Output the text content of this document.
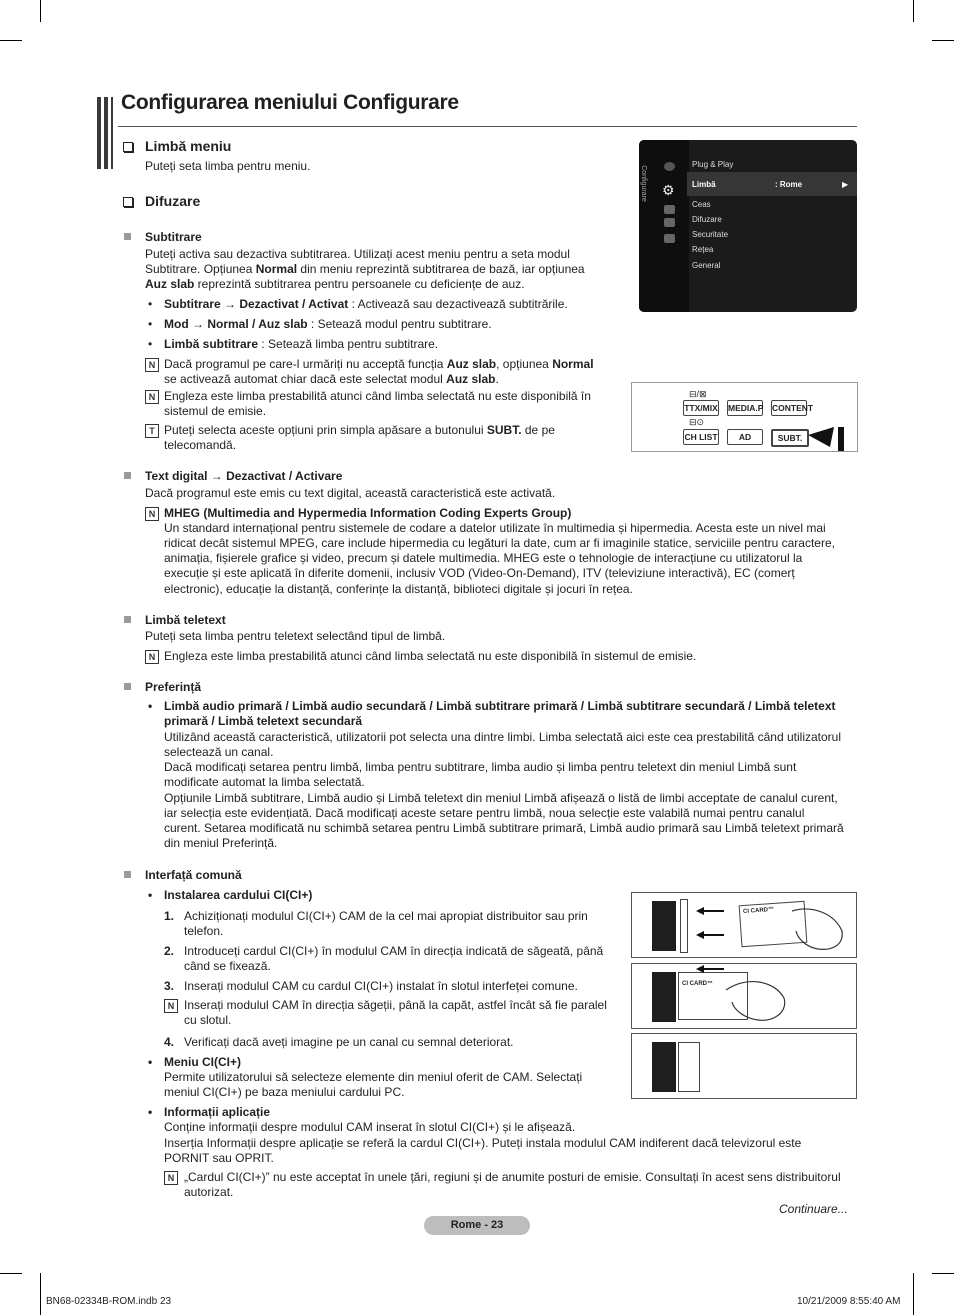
Configurarea meniului Configurare
Limbă meniu
Puteți seta limba pentru meniu.
Difuzare
Subtitrare
Puteți activa sau dezactiva subtitrarea. Utilizați acest meniu pentru a seta modul
Subtitrare. Opțiunea Normal din meniu reprezintă subtitrarea de bază, iar opțiunea
Auz slab reprezintă subtitrarea pentru persoanele cu deficiențe de auz.
• Subtitrare → Dezactivat / Activat : Activează sau dezactivează subtitrările.
• Mod → Normal / Auz slab : Setează modul pentru subtitrare.
• Limbă subtitrare : Setează limba pentru subtitrare.
N Dacă programul pe care-l urmăriți nu acceptă funcția Auz slab, opțiunea Normal
se activează automat chiar dacă este selectat modul Auz slab.
N Engleza este limba prestabilită atunci când limba selectată nu este disponibilă în
sistemul de emisie.
T Puteți selecta aceste opțiuni prin simpla apăsare a butonului SUBT. de pe
telecomandă.
Configurare ⚙
Plug & Play
Limbă	: Rome	▶
Ceas
Difuzare
Securitate
Rețea
General
⊟/⊠
TTX/MIX MEDIA.P CONTENT
⊟⊙
CH LIST	AD	SUBT.
Text digital → Dezactivat / Activare
Dacă programul este emis cu text digital, această caracteristică este activată.
N MHEG (Multimedia and Hypermedia Information Coding Experts Group)
Un standard internațional pentru sistemele de codare a datelor utilizate în multimedia și hipermedia. Acesta este un nivel mai
ridicat decât sistemul MPEG, care include hipermedia cu legături la date, cum ar fi imaginile statice, serviciile pentru caractere,
animația, fișierele grafice și video, precum și datele multimedia. MHEG este o tehnologie de interacțiune cu utilizatorul la
execuție și este aplicată în diferite domenii, inclusiv VOD (Video-On-Demand), ITV (televiziune interactivă), EC (comerț
electronic), educație la distanță, conferințe la distanță, biblioteci digitale și jocuri în rețea.
Limbă teletext
Puteți seta limba pentru teletext selectând tipul de limbă.
N Engleza este limba prestabilită atunci când limba selectată nu este disponibilă în sistemul de emisie.
Preferință
• Limbă audio primară / Limbă audio secundară / Limbă subtitrare primară / Limbă subtitrare secundară / Limbă teletext
primară / Limbă teletext secundară
Utilizând această caracteristică, utilizatorii pot selecta una dintre limbi. Limba selectată aici este cea prestabilită când utilizatorul
selectează un canal.
Dacă modificați setarea pentru limbă, limba pentru subtitrare, limba audio și limba pentru teletext din meniul Limbă sunt
modificate automat la limba selectată.
Opțiunile Limbă subtitrare, Limbă audio și Limbă teletext din meniul Limbă afișează o listă de limbi acceptate de canalul curent,
iar selecția este evidențiată. Dacă modificați aceste setare pentru limbă, noua selecție este valabilă numai pentru canalul
curent. Setarea modificată nu schimbă setarea pentru Limbă subtitrare primară, Limbă audio primară sau Limbă teletext primară
din meniul Preferință.
Interfață comună
• Instalarea cardului CI(CI+)
1. Achiziționați modulul CI(CI+) CAM de la cel mai apropiat distribuitor sau prin
telefon.
2. Introduceți cardul CI(CI+) în modulul CAM în direcția indicată de săgeată, până
când se fixează.
3. Inserați modulul CAM cu cardul CI(CI+) instalat în slotul interfeței comune.
N Inserați modulul CAM în direcția săgeții, până la capăt, astfel încât să fie paralel
cu slotul.
4. Verificați dacă aveți imagine pe un canal cu semnal deteriorat.
• Meniu CI(CI+)
Permite utilizatorului să selecteze elemente din meniul oferit de CAM. Selectați
meniul CI(CI+) pe baza meniului cardului PC.
• Informații aplicație
Conține informații despre modulul CAM inserat în slotul CI(CI+) și le afișează.
Inserția Informații despre aplicație se referă la cardul CI(CI+). Puteți instala modulul CAM indiferent dacă televizorul este
PORNIT sau OPRIT.
N „Cardul CI(CI+)” nu este acceptat în unele țări, regiuni și de anumite posturi de emisie. Consultați în acest sens distribuitorul
autorizat.
CI CARD™
CI CARD™
Continuare...
Rome - 23
BN68-02334B-ROM.indb 23	10/21/2009 8:55:40 AM
